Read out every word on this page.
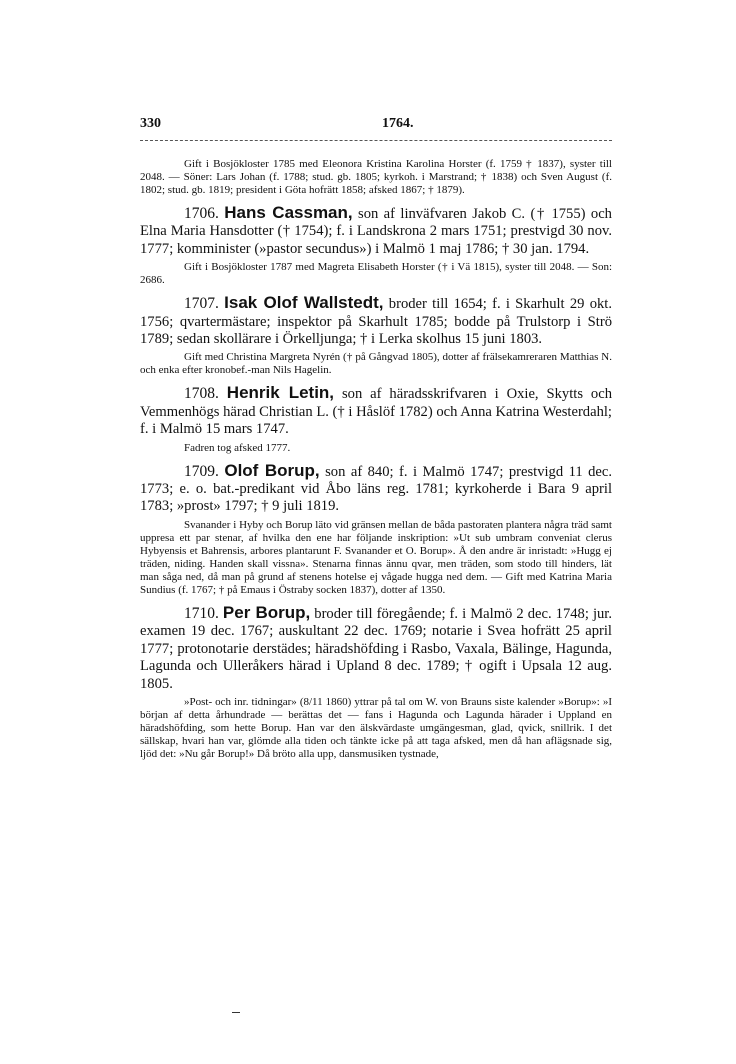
330	1764.

Gift i Bosjökloster 1785 med Eleonora Kristina Karolina Horster (f. 1759 † 1837), syster till 2048. — Söner: Lars Johan (f. 1788; stud. gb. 1805; kyrkoh. i Marstrand; † 1838) och Sven August (f. 1802; stud. gb. 1819; president i Göta hofrätt 1858; afsked 1867; † 1879).

1706. Hans Cassman, son af linväfvaren Jakob C. († 1755) och Elna Maria Hansdotter († 1754); f. i Landskrona 2 mars 1751; prestvigd 30 nov. 1777; komminister (»pastor secundus») i Malmö 1 maj 1786; † 30 jan. 1794.

Gift i Bosjökloster 1787 med Magreta Elisabeth Horster († i Vä 1815), syster till 2048. — Son: 2686.

1707. Isak Olof Wallstedt, broder till 1654; f. i Skarhult 29 okt. 1756; qvartermästare; inspektor på Skarhult 1785; bodde på Trulstorp i Strö 1789; sedan skollärare i Örkelljunga; † i Lerka skolhus 15 juni 1803.

Gift med Christina Margreta Nyrén († på Gångvad 1805), dotter af frälsekamreraren Matthias N. och enka efter kronobef.-man Nils Hagelin.

1708. Henrik Letin, son af häradsskrifvaren i Oxie, Skytts och Vemmenhögs härad Christian L. († i Håslöf 1782) och Anna Katrina Westerdahl; f. i Malmö 15 mars 1747.

Fadren tog afsked 1777.

1709. Olof Borup, son af 840; f. i Malmö 1747; prestvigd 11 dec. 1773; e. o. bat.-predikant vid Åbo läns reg. 1781; kyrkoherde i Bara 9 april 1783; »prost» 1797; † 9 juli 1819.

Svanander i Hyby och Borup läto vid gränsen mellan de båda pastoraten plantera några träd samt uppresa ett par stenar, af hvilka den ene har följande inskription: »Ut sub umbram conveniat clerus Hybyensis et Bahrensis, arbores plantarunt F. Svanander et O. Borup». Å den andre är inristadt: »Hugg ej träden, niding. Handen skall vissna». Stenarna finnas ännu qvar, men träden, som stodo till hinders, lät man såga ned, då man på grund af stenens hotelse ej vågade hugga ned dem. — Gift med Katrina Maria Sundius (f. 1767; † på Emaus i Östraby socken 1837), dotter af 1350.

1710. Per Borup, broder till föregående; f. i Malmö 2 dec. 1748; jur. examen 19 dec. 1767; auskultant 22 dec. 1769; notarie i Svea hofrätt 25 april 1777; protonotarie derstädes; häradshöfding i Rasbo, Vaxala, Bälinge, Hagunda, Lagunda och Ulleråkers härad i Upland 8 dec. 1789; † ogift i Upsala 12 aug. 1805.

»Post- och inr. tidningar» (8/11 1860) yttrar på tal om W. von Brauns siste kalender »Borup»: »I början af detta århundrade — berättas det — fans i Hagunda och Lagunda härader i Uppland en häradshöfding, som hette Borup. Han var den älskvärdaste umgängesman, glad, qvick, snillrik. I det sällskap, hvari han var, glömde alla tiden och tänkte icke på att taga afsked, men då han aflägsnade sig, ljöd det: »Nu går Borup!» Då bröto alla upp, dansmusiken tystnade,
